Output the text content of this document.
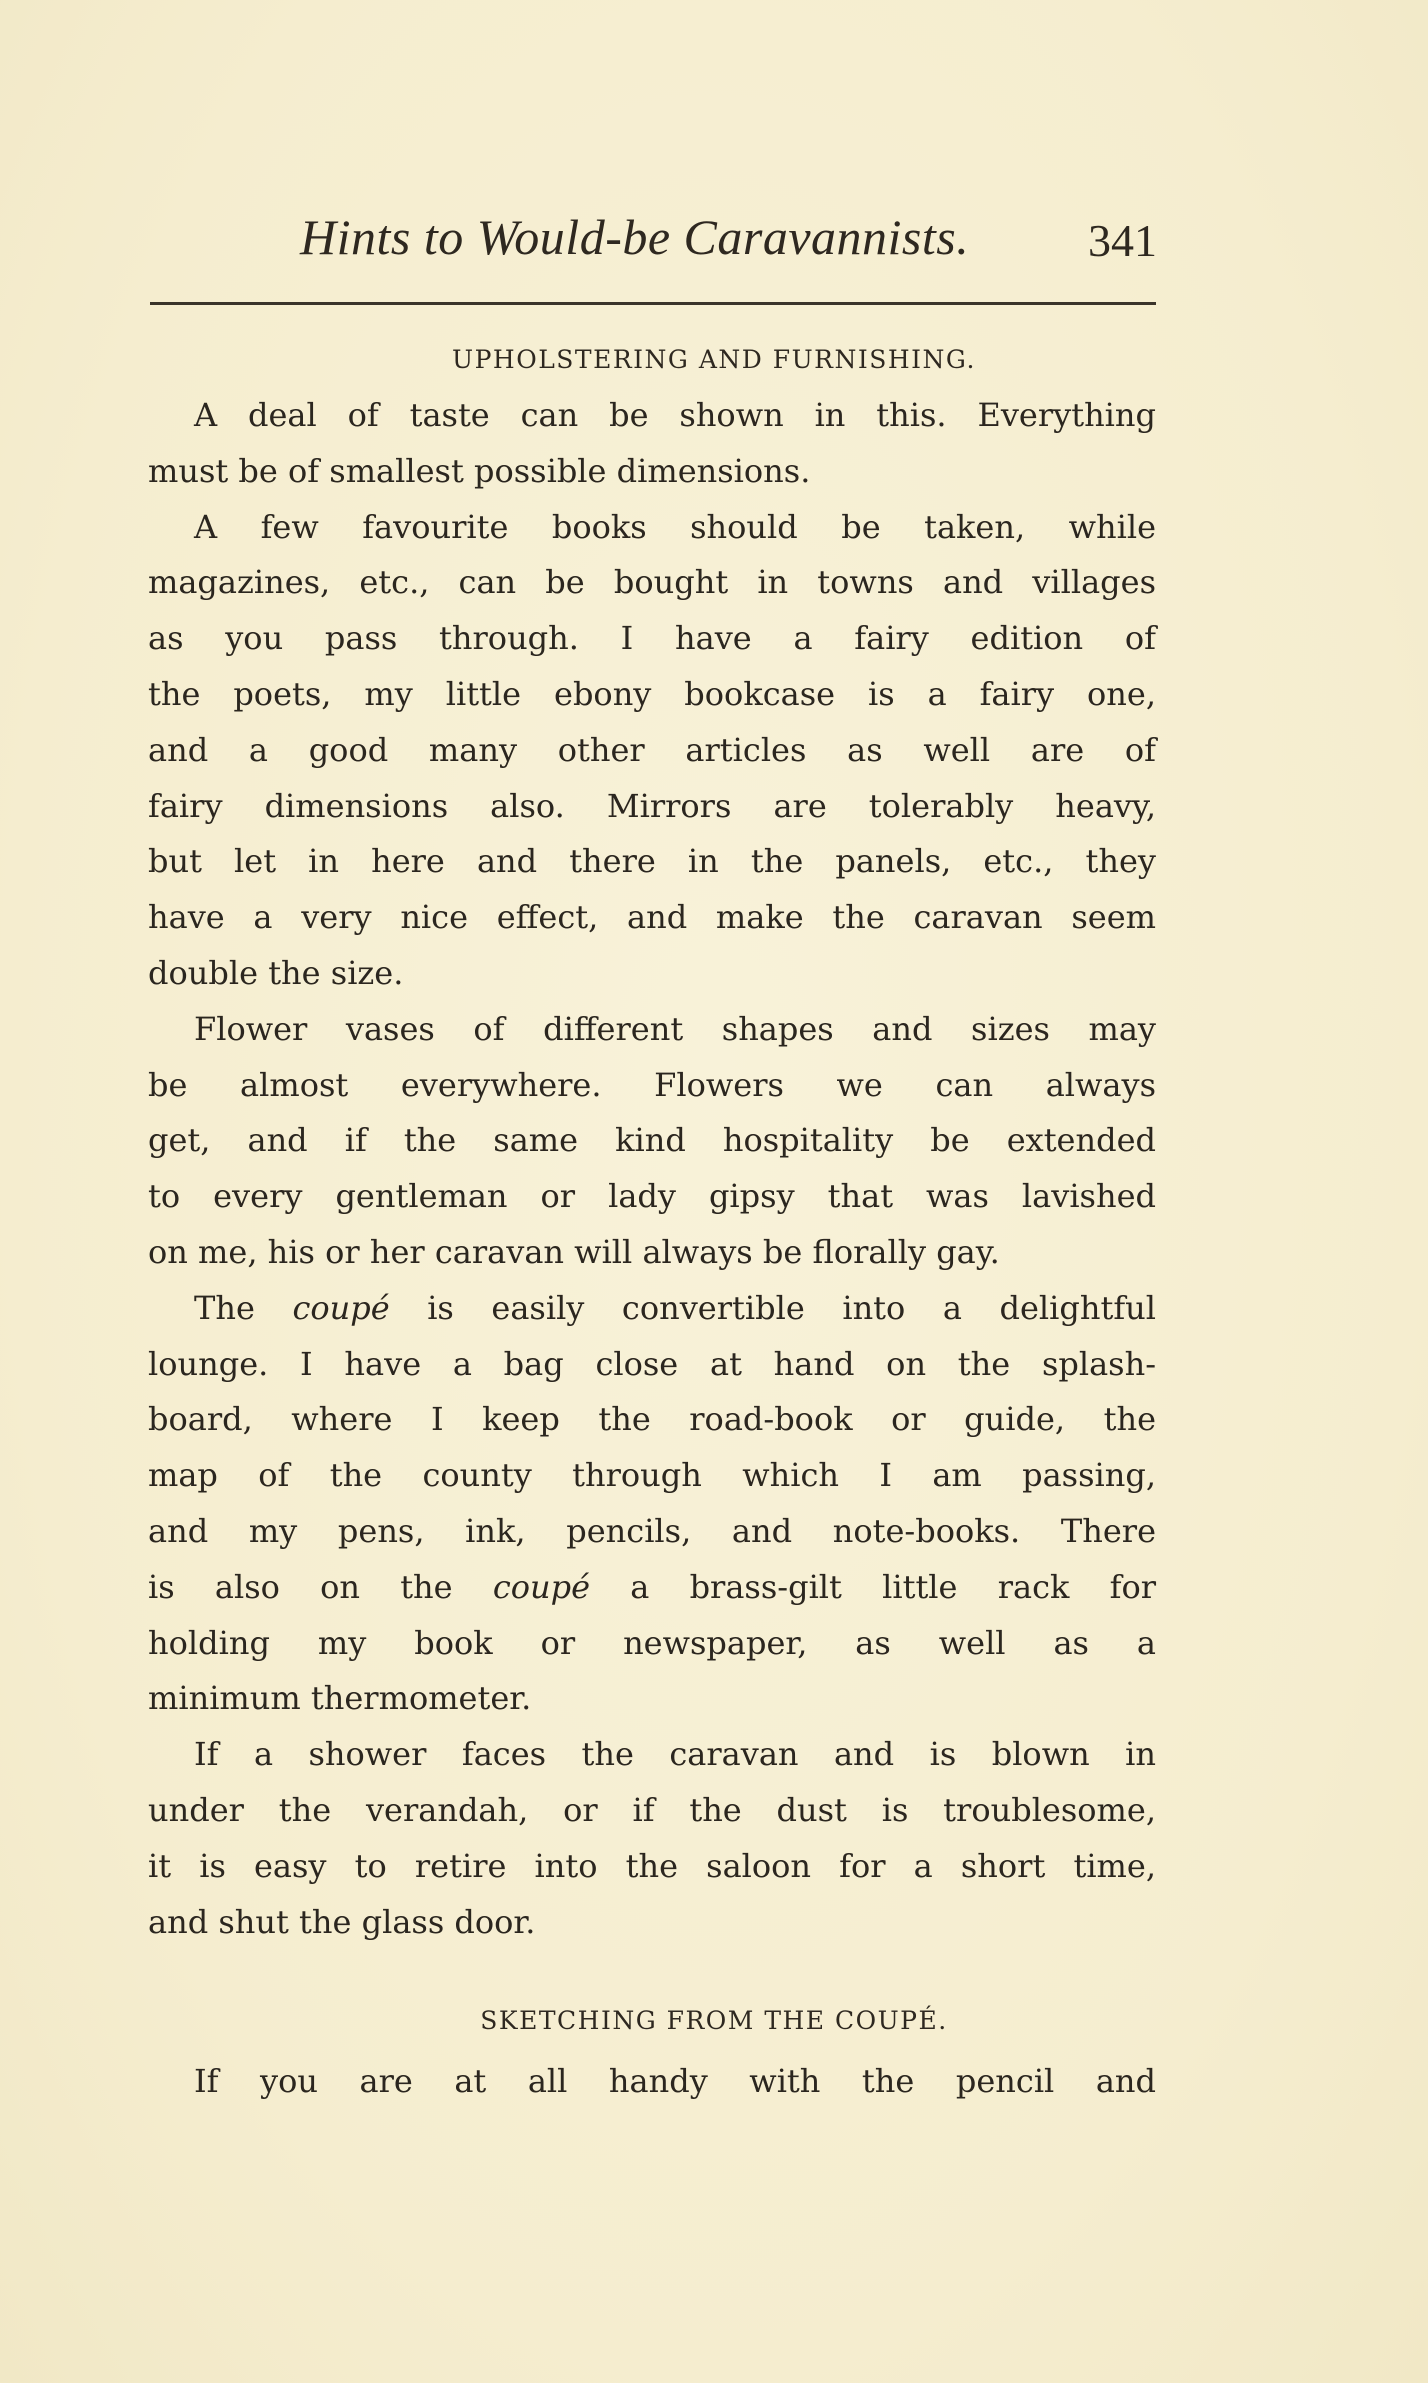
Hints to Would-be Caravannists.	341
UPHOLSTERING AND FURNISHING.
A deal of taste can be shown in this. Everything
must be of smallest possible dimensions.
A few favourite books should be taken, while
magazines, etc., can be bought in towns and villages
as you pass through. I have a fairy edition of
the poets, my little ebony bookcase is a fairy one,
and a good many other articles as well are of
fairy dimensions also. Mirrors are tolerably heavy,
but let in here and there in the panels, etc., they
have a very nice effect, and make the caravan seem
double the size.
Flower vases of different shapes and sizes may
be almost everywhere. Flowers we can always
get, and if the same kind hospitality be extended
to every gentleman or lady gipsy that was lavished
on me, his or her caravan will always be florally gay.
The coupé is easily convertible into a delightful
lounge. I have a bag close at hand on the splash-
board, where I keep the road-book or guide, the
map of the county through which I am passing,
and my pens, ink, pencils, and note-books. There
is also on the coupé a brass-gilt little rack for
holding my book or newspaper, as well as a
minimum thermometer.
If a shower faces the caravan and is blown in
under the verandah, or if the dust is troublesome,
it is easy to retire into the saloon for a short time,
and shut the glass door.
SKETCHING FROM THE COUPÉ.
If you are at all handy with the pencil and
